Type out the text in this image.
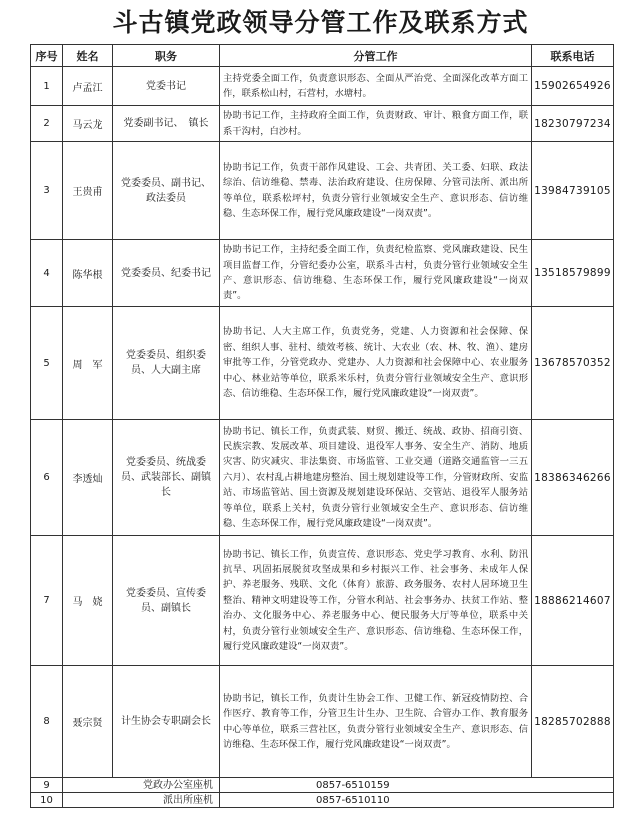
斗古镇党政领导分管工作及联系方式
序号	姓名	职务	分管工作	联系电话
1	卢孟江	党委书记	主持党委全面工作，负责意识形态、全面从严治党、全面深化改革方面工作，联系松山村，石营村，水塘村。	15902654926
2	马云龙	党委副书记、　镇长	协助书记工作，主持政府全面工作，负责财政、审计、粮食方面工作，联系干沟村，白沙村。	18230797234
3	王贵甫	党委委员、副书记、政法委员	协助书记工作，负责干部作风建设、工会、共青团、关工委、妇联、政法综治、信访维稳、禁毒、法治政府建设、住房保障、分管司法所、派出所等单位，联系松坪村，负责分管行业领域安全生产、意识形态、信访维稳、生态环保工作，履行党风廉政建设“一岗双责”。	13984739105
4	陈华根	党委委员、纪委书记	协助书记工作，主持纪委全面工作，负责纪检监察、党风廉政建设、民生项目监督工作，分管纪委办公室，联系斗古村，负责分管行业领域安全生产、意识形态、信访维稳、生态环保工作，履行党风廉政建设“一岗双责”。	13518579899
5	周　军	党委委员、组织委员、人大副主席	协助书记、人大主席工作，负责党务，党建、人力资源和社会保障、保密、组织人事、驻村、绩效考核、统计、大农业（农、林、牧、渔）、建房审批等工作，分管党政办、党建办、人力资源和社会保障中心、农业服务中心、林业站等单位，联系米乐村，负责分管行业领域安全生产、意识形态、信访维稳、生态环保工作，履行党风廉政建设“一岗双责”。	13678570352
6	李透灿	党委委员、统战委员、武装部长、副镇长	协助书记、镇长工作，负责武装、财贸、搬迁、统战、政协、招商引资、民族宗教、发展改革、项目建设、退役军人事务、安全生产、消防、地质灾害、防灾减灾、非法集资、市场监管、工业交通（道路交通监管一三五六月）、农村乱占耕地建房整治、国土规划建设等工作，分管财政所、安监站、市场监管站、国土资源及规划建设环保站、交管站、退役军人服务站等单位，联系上关村，负责分管行业领域安全生产、意识形态、信访维稳、生态环保工作，履行党风廉政建设“一岗双责”。	18386346266
7	马　娆	党委委员、宣传委员、副镇长	协助书记、镇长工作，负责宣传、意识形态、党史学习教育、水利、防汛抗旱、巩固拓展脱贫攻坚成果和乡村振兴工作、社会事务、未成年人保护、养老服务、残联、文化（体育）旅游、政务服务、农村人居环境卫生整治、精神文明建设等工作，分管水利站、社会事务办、扶贫工作站、整治办、文化服务中心、养老服务中心、便民服务大厅等单位，联系中关村，负责分管行业领域安全生产、意识形态、信访维稳、生态环保工作，履行党风廉政建设“一岗双责”。	18886214607
8	聂宗贤	计生协会专职副会长	协助书记，镇长工作，负责计生协会工作、卫健工作、新冠疫情防控、合作医疗、教育等工作，分管卫生计生办、卫生院、合管办工作、教育服务中心等单位，联系三营社区，负责分管行业领域安全生产、意识形态、信访维稳、生态环保工作，履行党风廉政建设“一岗双责”。	18285702888
9	党政办公室座机		0857-6510159	
10	派出所座机		0857-6510110	
